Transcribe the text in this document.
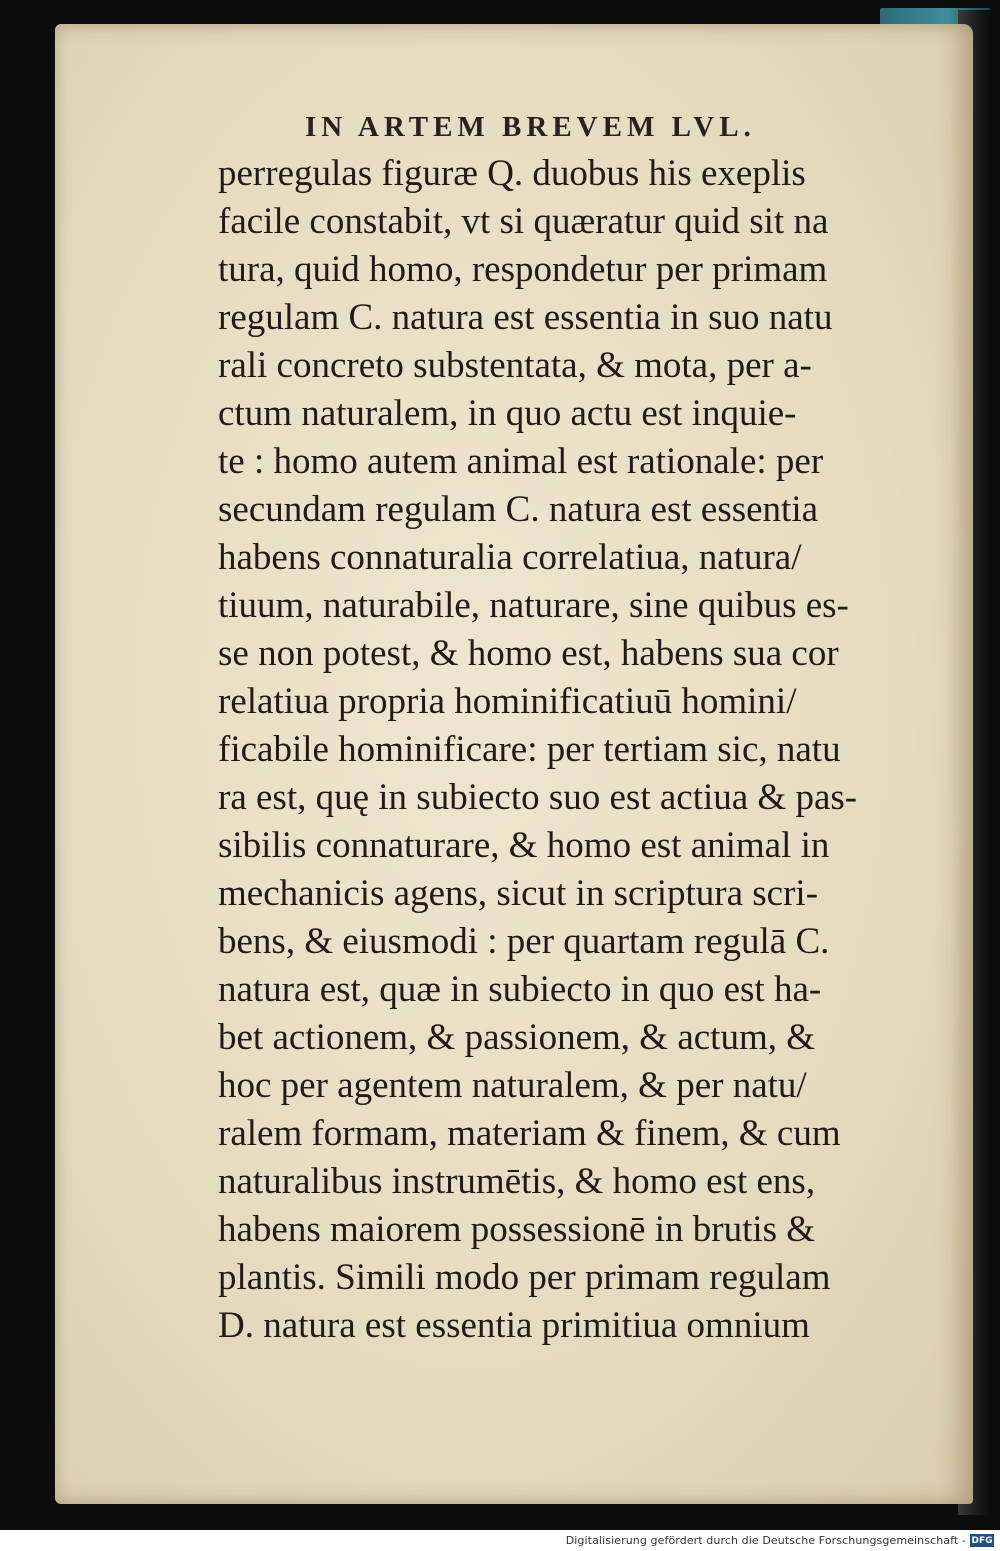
IN ARTEM BREVEM LVL.
perregulas figuræ Q. duobus his exeplis
facile constabit, vt si quæratur quid sit na
tura, quid homo, respondetur per primam
regulam C. natura est essentia in suo natu
rali concreto substentata, & mota, per a-
ctum naturalem, in quo actu est inquie-
te : homo autem animal est rationale: per
secundam regulam C. natura est essentia
habens connaturalia correlatiua, natura/
tiuum, naturabile, naturare, sine quibus es-
se non potest, & homo est, habens sua cor
relatiua propria hominificatiuū homini/
ficabile hominificare: per tertiam sic, natu
ra est, quę in subiecto suo est actiua & pas-
sibilis connaturare, & homo est animal in
mechanicis agens, sicut in scriptura scri-
bens, & eiusmodi : per quartam regulā C.
natura est, quæ in subiecto in quo est ha-
bet actionem, & passionem, & actum, &
hoc per agentem naturalem, & per natu/
ralem formam, materiam & finem, & cum
naturalibus instrumētis, & homo est ens,
habens maiorem possessionē in brutis &
plantis. Simili modo per primam regulam
D. natura est essentia primitiua omnium
Digitalisierung gefördert durch die Deutsche Forschungsgemeinschaft - DFG
